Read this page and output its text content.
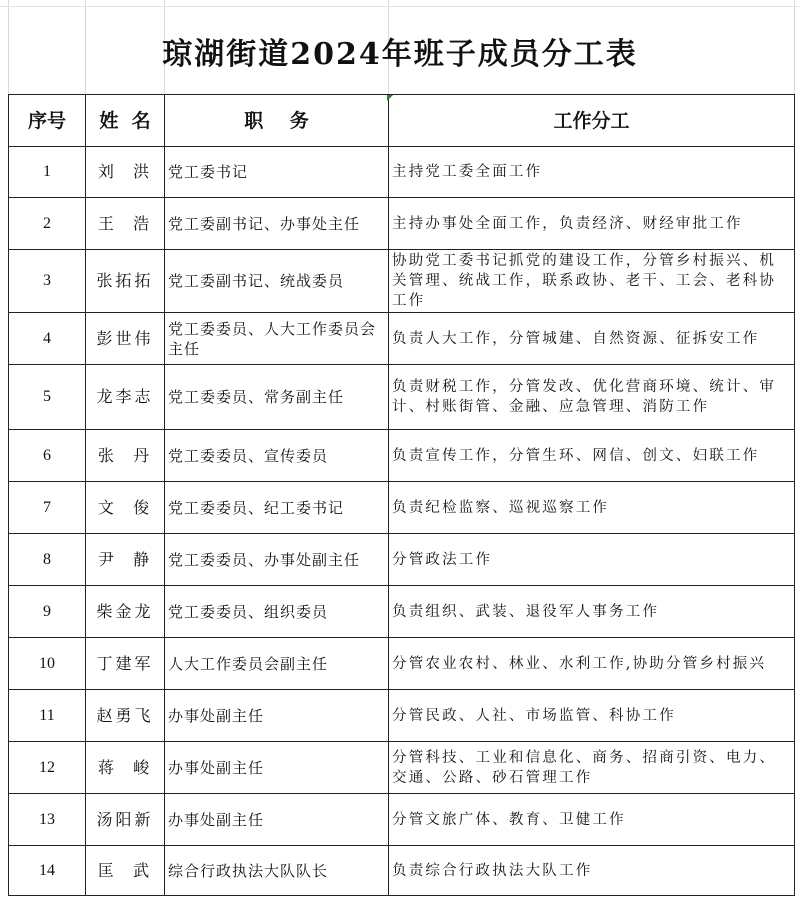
琼湖街道2024年班子成员分工表
序号	姓  名	职    务	工作分工
1	刘  洪	党工委书记	主持党工委全面工作
2	王  浩	党工委副书记、办事处主任	主持办事处全面工作，负责经济、财经审批工作
3	张拓拓	党工委副书记、统战委员	协助党工委书记抓党的建设工作，分管乡村振兴、机关管理、统战工作，联系政协、老干、工会、老科协工作
4	彭世伟	党工委委员、人大工作委员会主任	负责人大工作，分管城建、自然资源、征拆安工作
5	龙李志	党工委委员、常务副主任	负责财税工作，分管发改、优化营商环境、统计、审计、村账街管、金融、应急管理、消防工作
6	张  丹	党工委委员、宣传委员	负责宣传工作，分管生环、网信、创文、妇联工作
7	文  俊	党工委委员、纪工委书记	负责纪检监察、巡视巡察工作
8	尹  静	党工委委员、办事处副主任	分管政法工作
9	柴金龙	党工委委员、组织委员	负责组织、武装、退役军人事务工作
10	丁建军	人大工作委员会副主任	分管农业农村、林业、水利工作,协助分管乡村振兴
11	赵勇飞	办事处副主任	分管民政、人社、市场监管、科协工作
12	蒋  峻	办事处副主任	分管科技、工业和信息化、商务、招商引资、电力、交通、公路、砂石管理工作
13	汤阳新	办事处副主任	分管文旅广体、教育、卫健工作
14	匡  武	综合行政执法大队队长	负责综合行政执法大队工作
